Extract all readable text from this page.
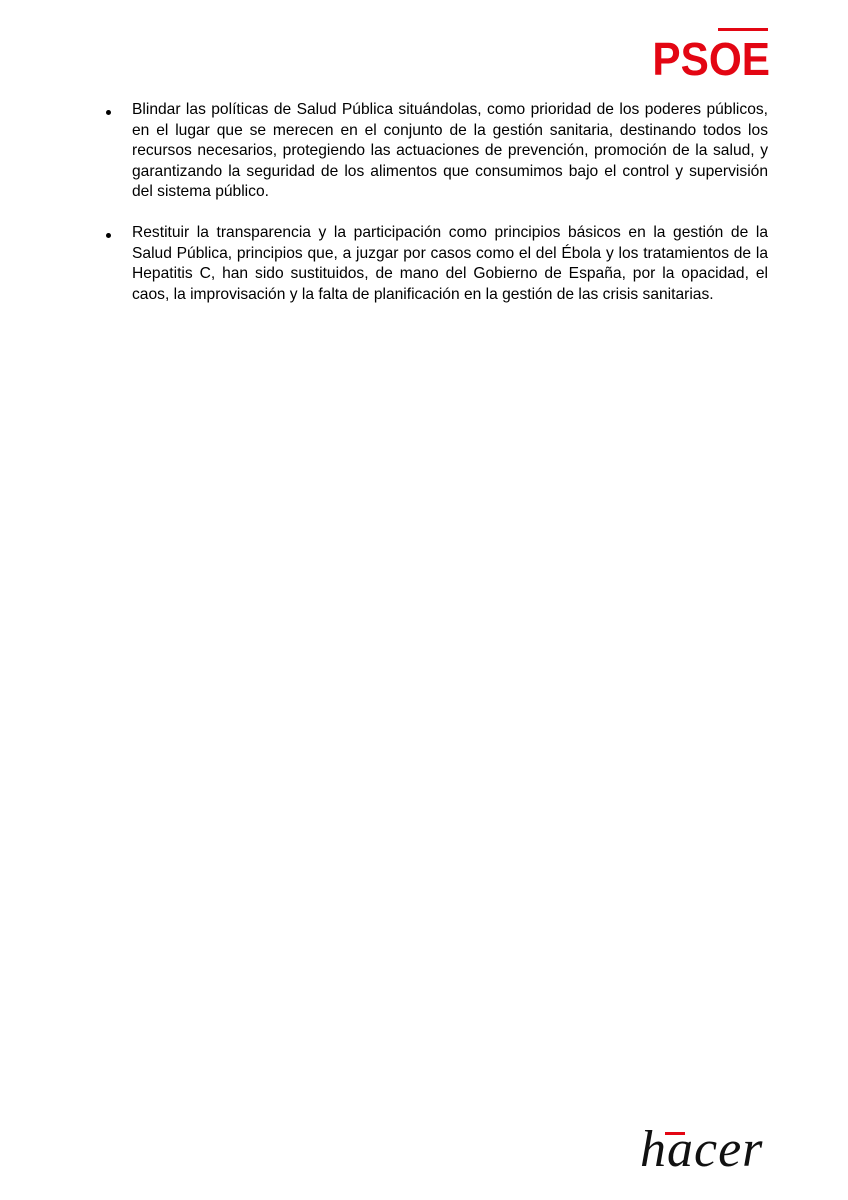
PSOE
Blindar las políticas de Salud Pública situándolas, como prioridad de los poderes públicos, en el lugar que se merecen en el conjunto de la gestión sanitaria, destinando todos los recursos necesarios, protegiendo las actuaciones de prevención, promoción de la salud, y garantizando la seguridad de los alimentos que consumimos bajo el control y supervisión del sistema público.
Restituir la transparencia y la participación como principios básicos en la gestión de la Salud Pública, principios que, a juzgar por casos como el del Ébola y los tratamientos de la Hepatitis C, han sido sustituidos, de mano del Gobierno de España, por la opacidad, el caos, la improvisación y la falta de planificación en la gestión de las crisis sanitarias.
hacer
